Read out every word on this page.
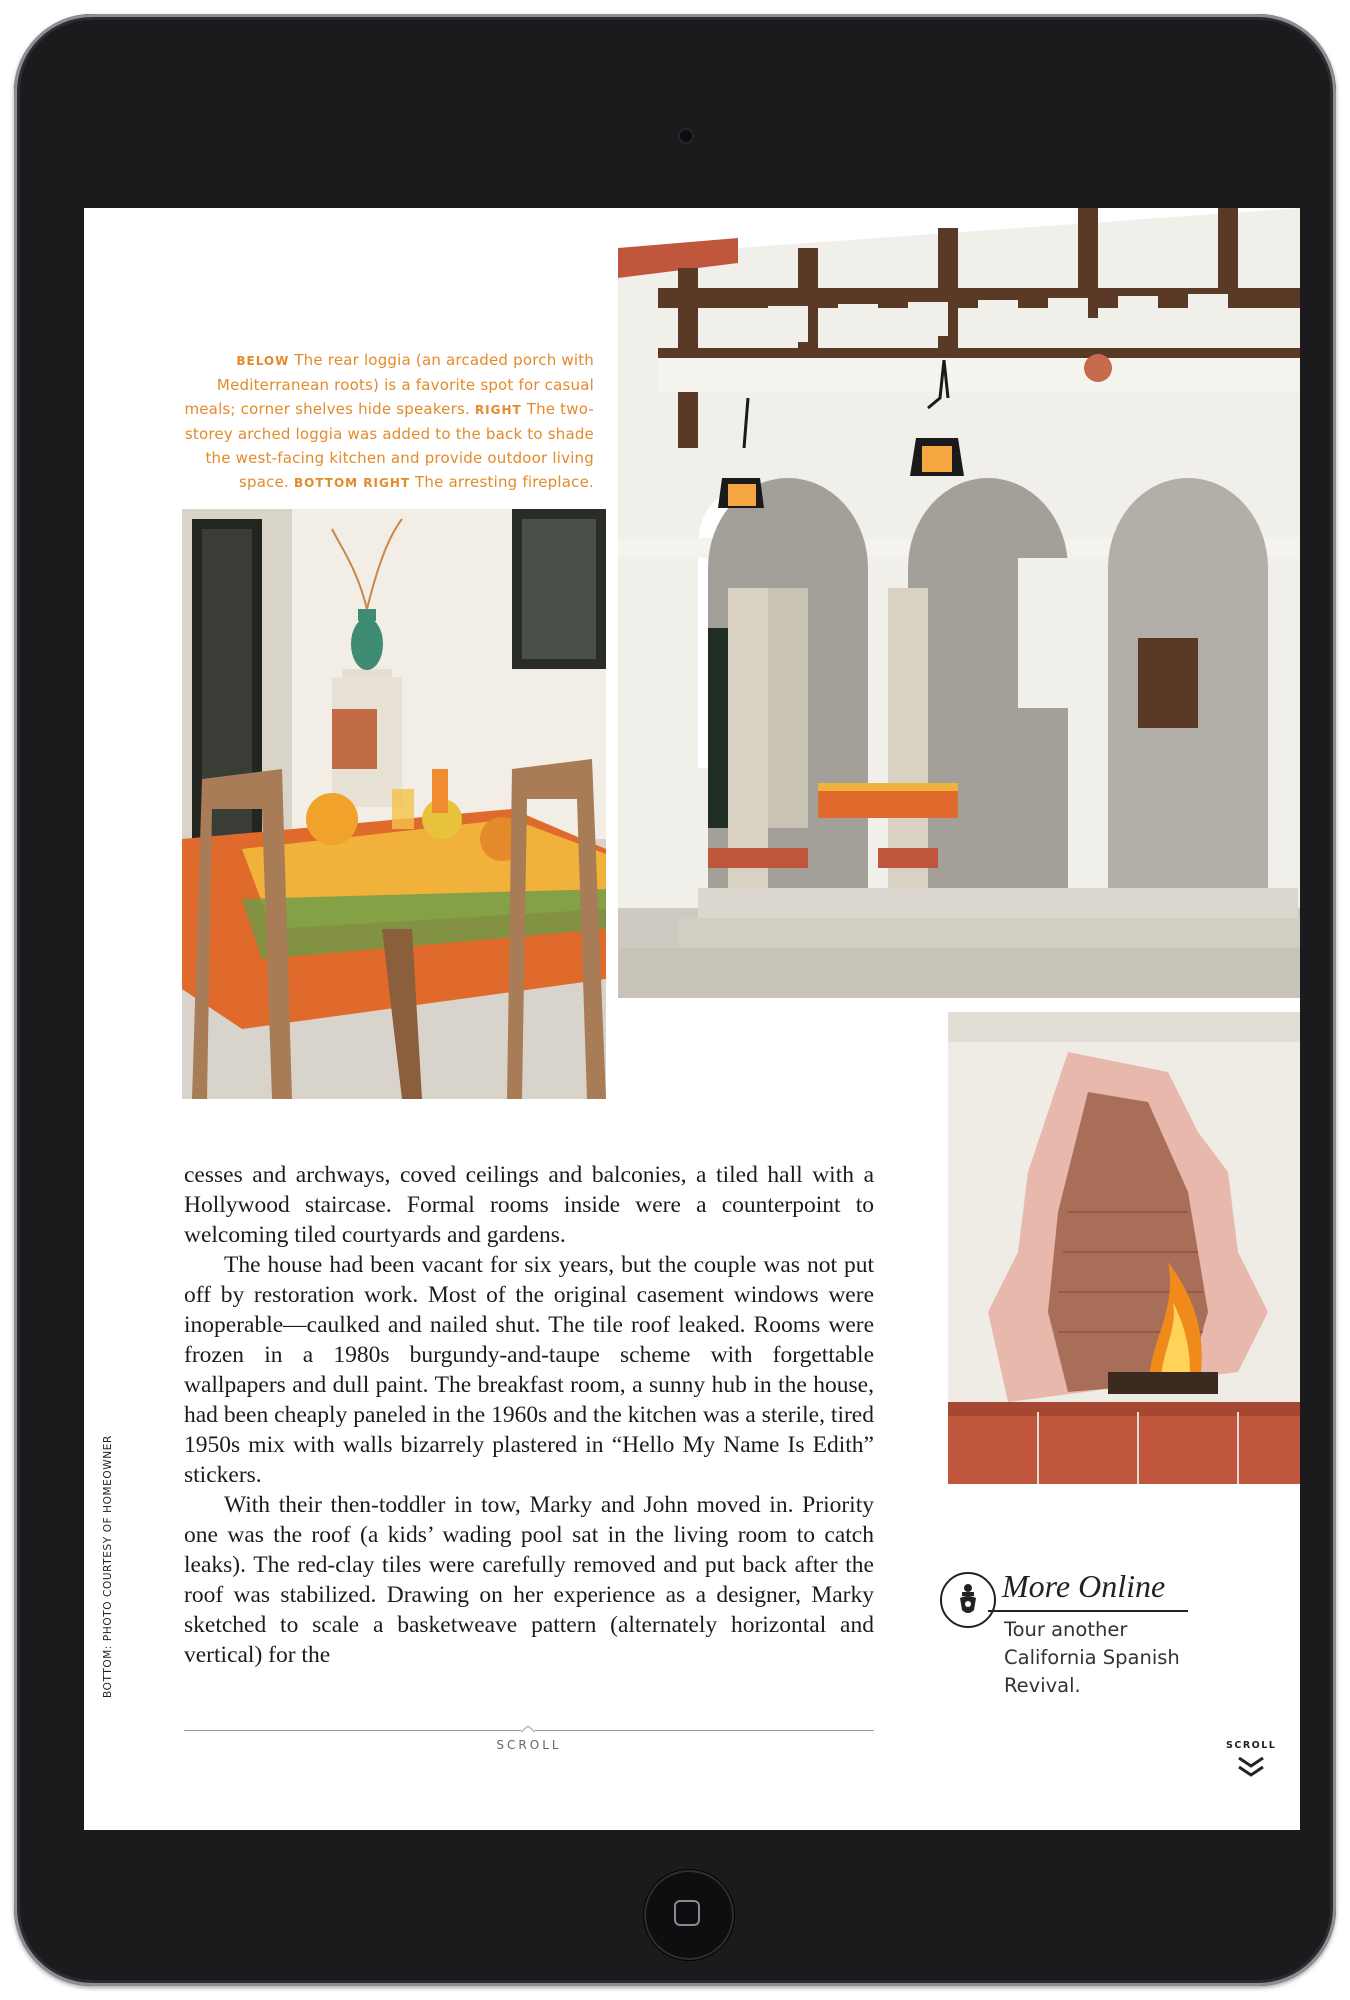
BELOW The rear loggia (an arcaded porch with Mediterranean roots) is a favorite spot for casual meals; corner shelves hide speakers. RIGHT The two-storey arched loggia was added to the back to shade the west-facing kitchen and provide outdoor living space. BOTTOM RIGHT The arresting fireplace.

cesses and archways, coved ceilings and balconies, a tiled hall with a Hollywood staircase. Formal rooms inside were a counterpoint to welcoming tiled courtyards and gardens.

The house had been vacant for six years, but the couple was not put off by restoration work. Most of the original casement windows were inoperable—caulked and nailed shut. The tile roof leaked. Rooms were frozen in a 1980s burgundy-and-taupe scheme with forgettable wallpapers and dull paint. The breakfast room, a sunny hub in the house, had been cheaply paneled in the 1960s and the kitchen was a sterile, tired 1950s mix with walls bizarrely plastered in “Hello My Name Is Edith” stickers.

With their then-toddler in tow, Marky and John moved in. Priority one was the roof (a kids’ wading pool sat in the living room to catch leaks). The red-clay tiles were carefully removed and put back after the roof was stabilized. Drawing on her experience as a designer, Marky sketched to scale a basketweave pattern (alternately horizontal and vertical) for the

BOTTOM: PHOTO COURTESY OF HOMEOWNER
SCROLL
More Online
Tour another California Spanish Revival.
SCROLL
